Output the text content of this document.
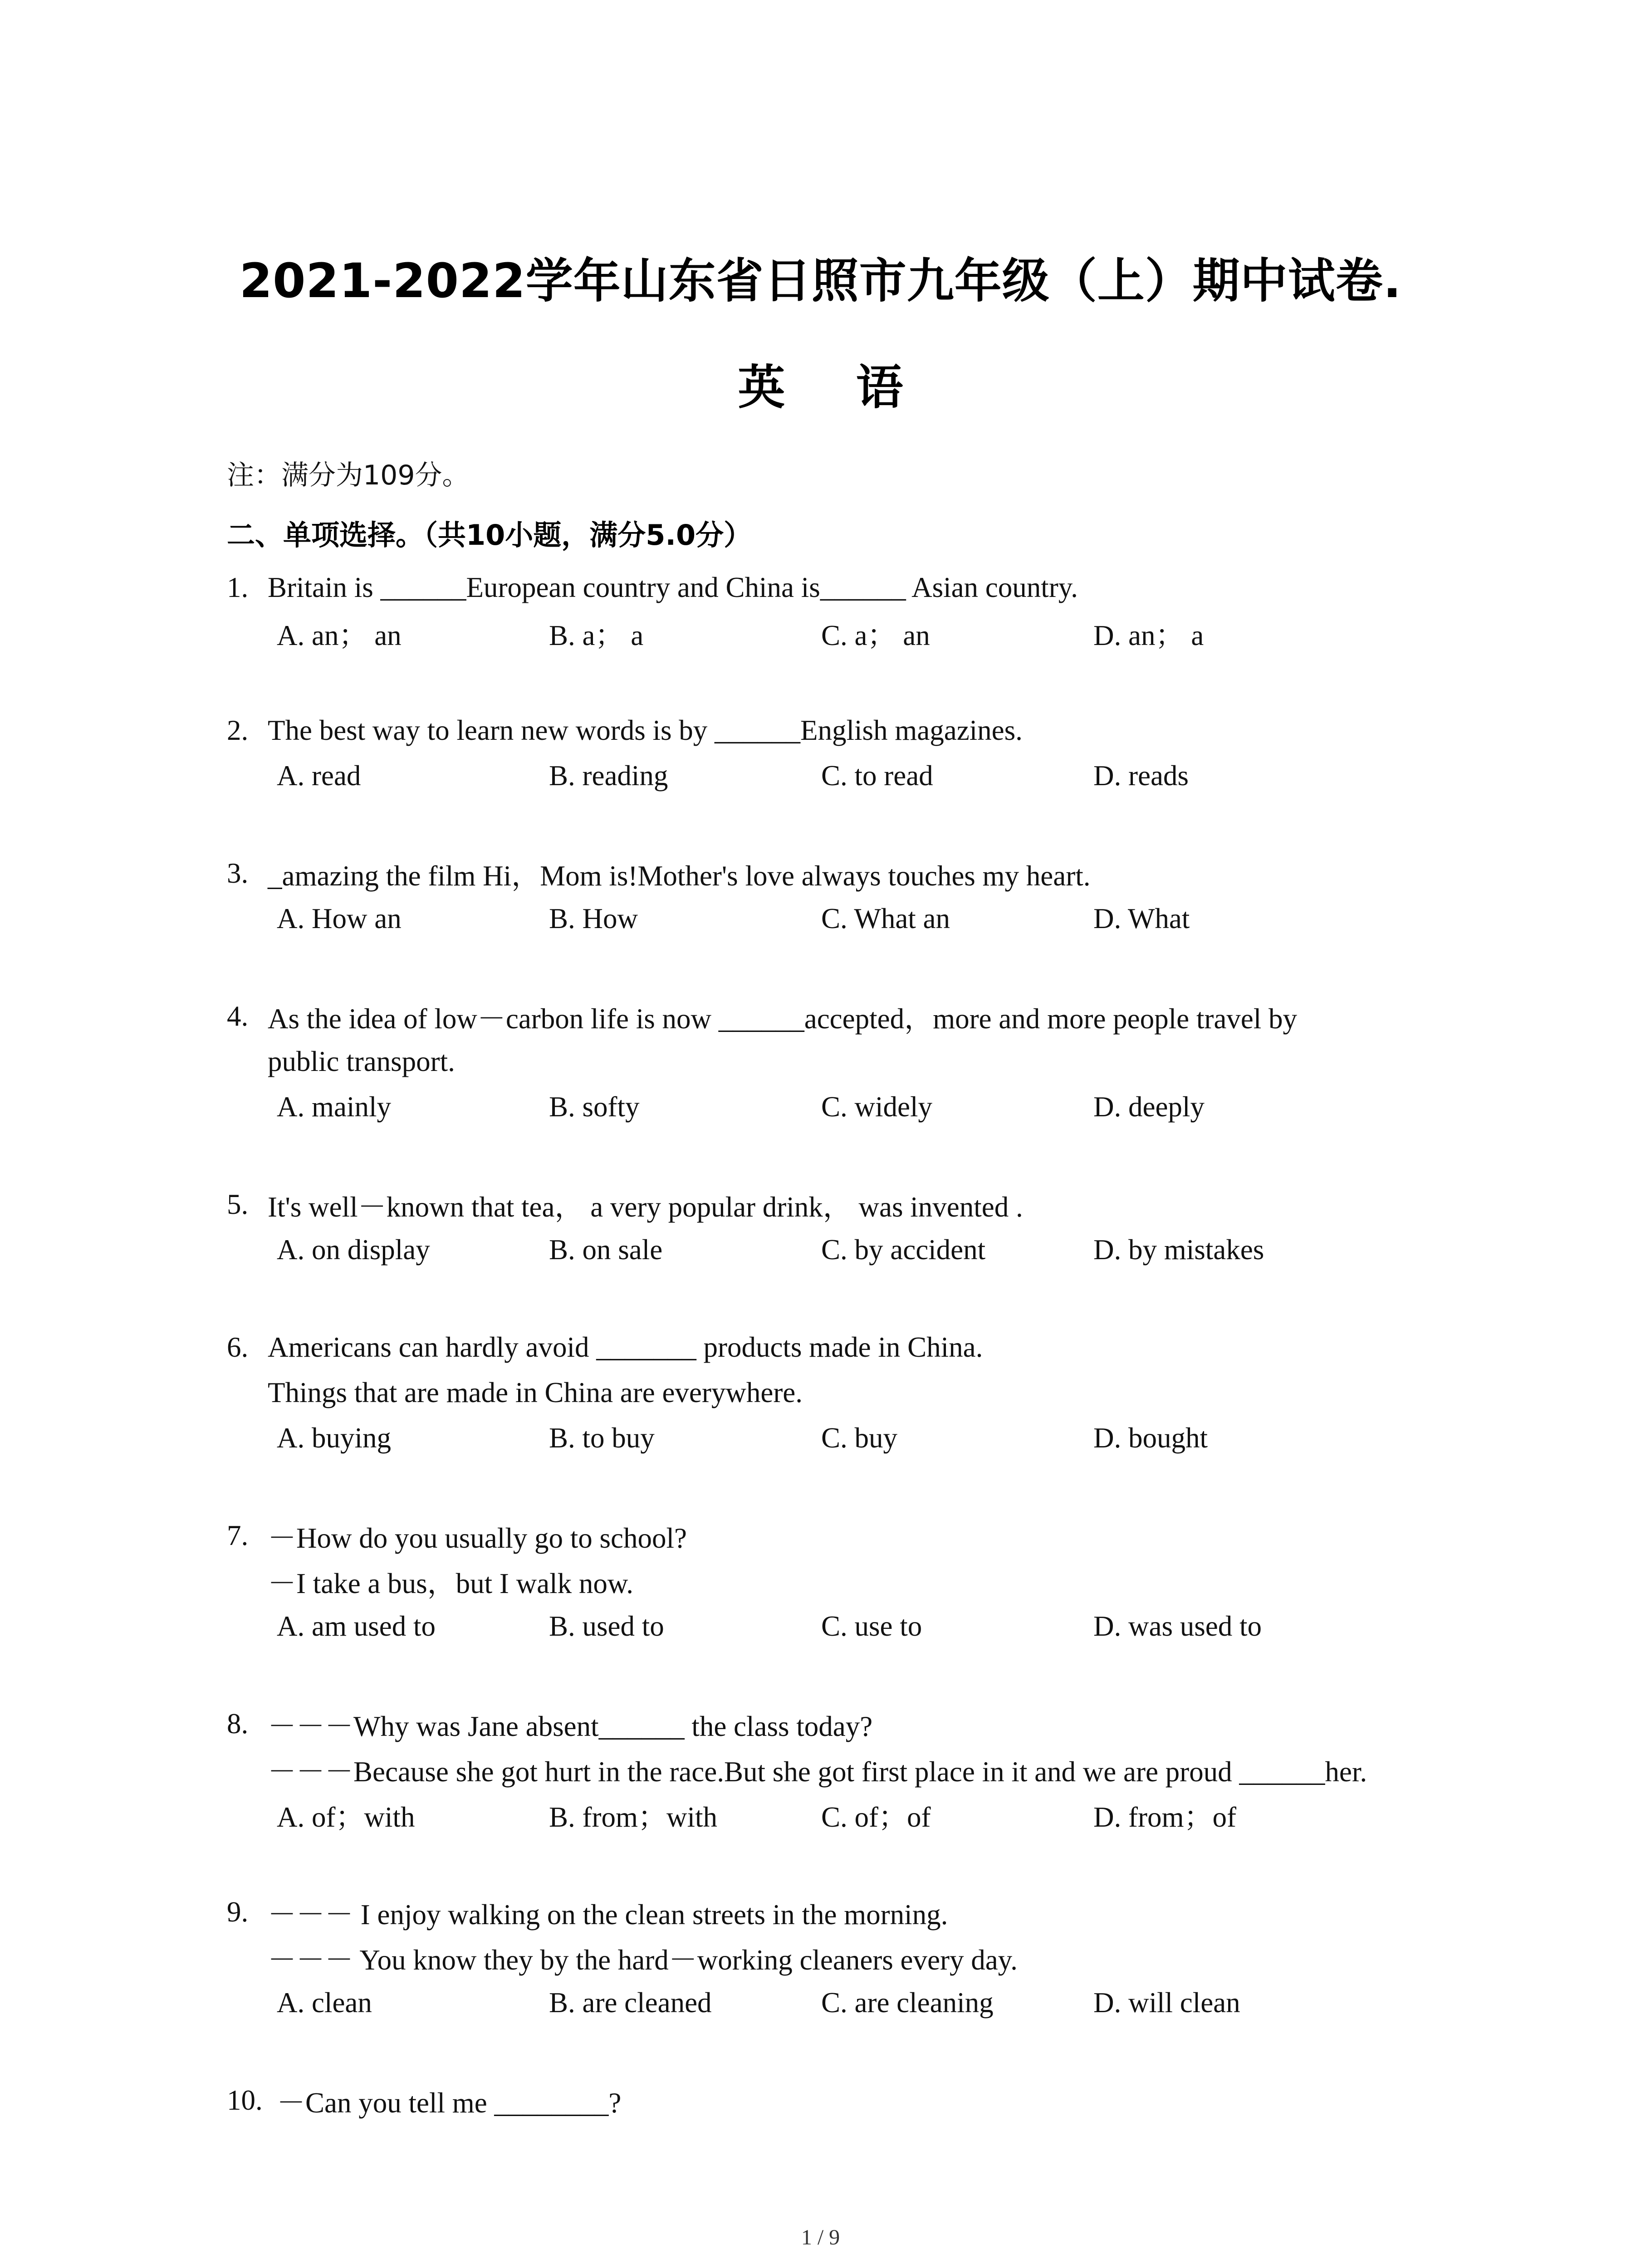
2021-2022学年山东省日照市九年级（上）期中试卷.
英 语
注：满分为109分。
二、单项选择。（共10小题，满分5.0分）
1. Britain is ______European country and China is______ Asian country.
A. an； an	B. a； a	C. a； an	D. an； a
2. The best way to learn new words is by ______English magazines.
A. read	B. reading	C. to read	D. reads
3. _amazing the film Hi，Mom is!Mother's love always touches my heart.
A. How an	B. How	C. What an	D. What
4. As the idea of low－carbon life is now ______accepted，more and more people travel by
public transport.
A. mainly	B. softy	C. widely	D. deeply
5. It's well－known that tea， a very popular drink， was invented .
A. on display	B. on sale	C. by accident	D. by mistakes
6. Americans can hardly avoid _______ products made in China.
Things that are made in China are everywhere.
A. buying	B. to buy	C. buy	D. bought
7. －How do you usually go to school?
－I take a bus，but I walk now.
A. am used to	B. used to	C. use to	D. was used to
8. －－－Why was Jane absent______ the class today?
－－－Because she got hurt in the race.But she got first place in it and we are proud ______her.
A. of；with	B. from；with	C. of；of	D. from；of
9. －－－ I enjoy walking on the clean streets in the morning.
－－－ You know they by the hard－working cleaners every day.
A. clean	B. are cleaned	C. are cleaning	D. will clean
10. －Can you tell me ________?
1 / 9
